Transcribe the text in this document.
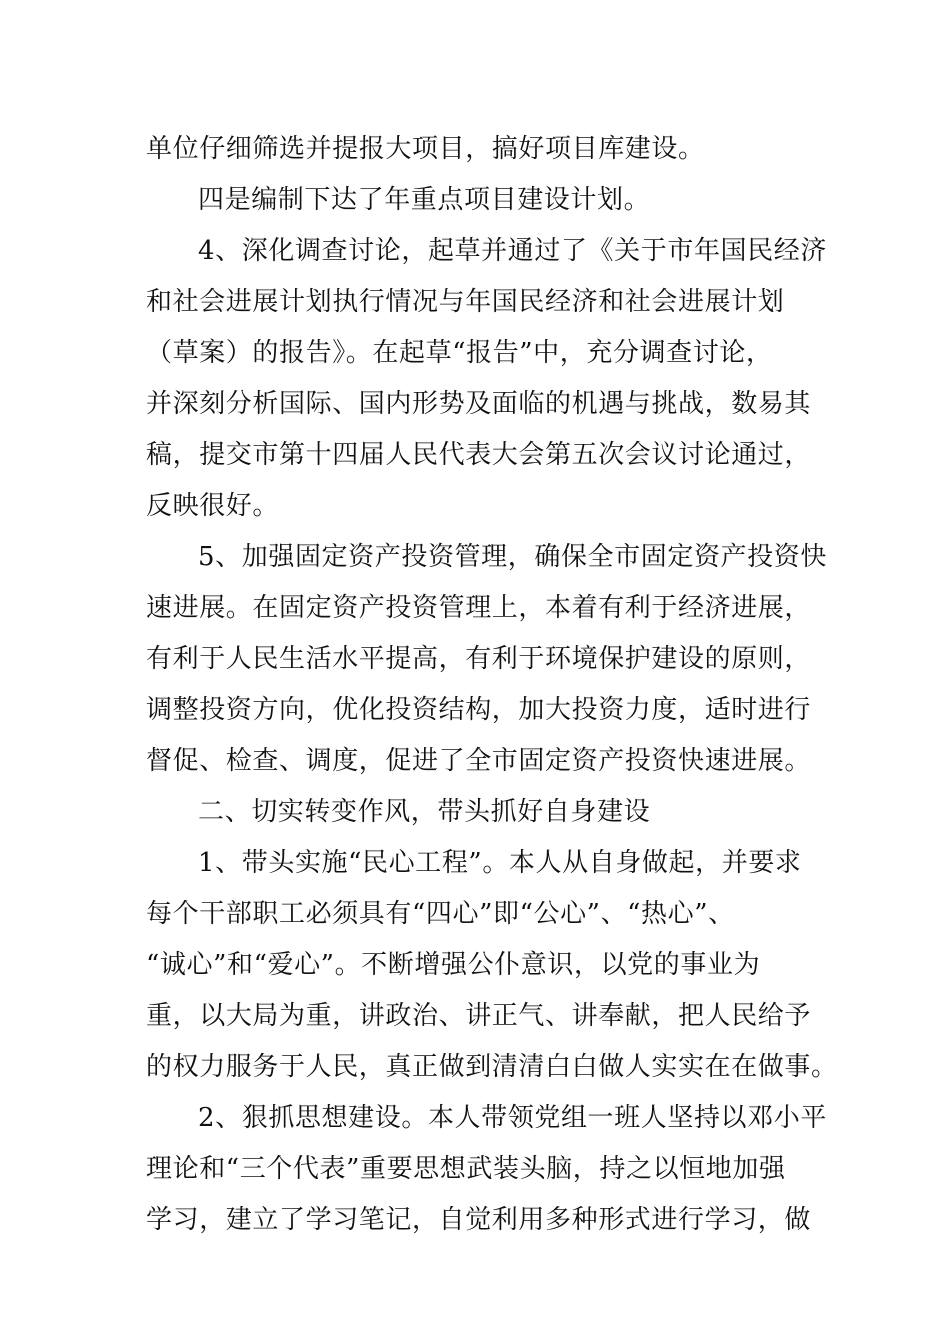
单位仔细筛选并提报大项目，搞好项目库建设。
四是编制下达了年重点项目建设计划。
4、深化调查讨论，起草并通过了《关于市年国民经济
和社会进展计划执行情况与年国民经济和社会进展计划
（草案）的报告》。在起草“报告”中，充分调查讨论，
并深刻分析国际、国内形势及面临的机遇与挑战，数易其
稿，提交市第十四届人民代表大会第五次会议讨论通过，
反映很好。
5、加强固定资产投资管理，确保全市固定资产投资快
速进展。在固定资产投资管理上，本着有利于经济进展，
有利于人民生活水平提高，有利于环境保护建设的原则，
调整投资方向，优化投资结构，加大投资力度，适时进行
督促、检查、调度，促进了全市固定资产投资快速进展。
二、切实转变作风，带头抓好自身建设
1、带头实施“民心工程”。本人从自身做起，并要求
每个干部职工必须具有“四心”即“公心”、“热心”、
“诚心”和“爱心”。不断增强公仆意识，以党的事业为
重，以大局为重，讲政治、讲正气、讲奉献，把人民给予
的权力服务于人民，真正做到清清白白做人实实在在做事。
2、狠抓思想建设。本人带领党组一班人坚持以邓小平
理论和“三个代表”重要思想武装头脑，持之以恒地加强
学习，建立了学习笔记，自觉利用多种形式进行学习，做
